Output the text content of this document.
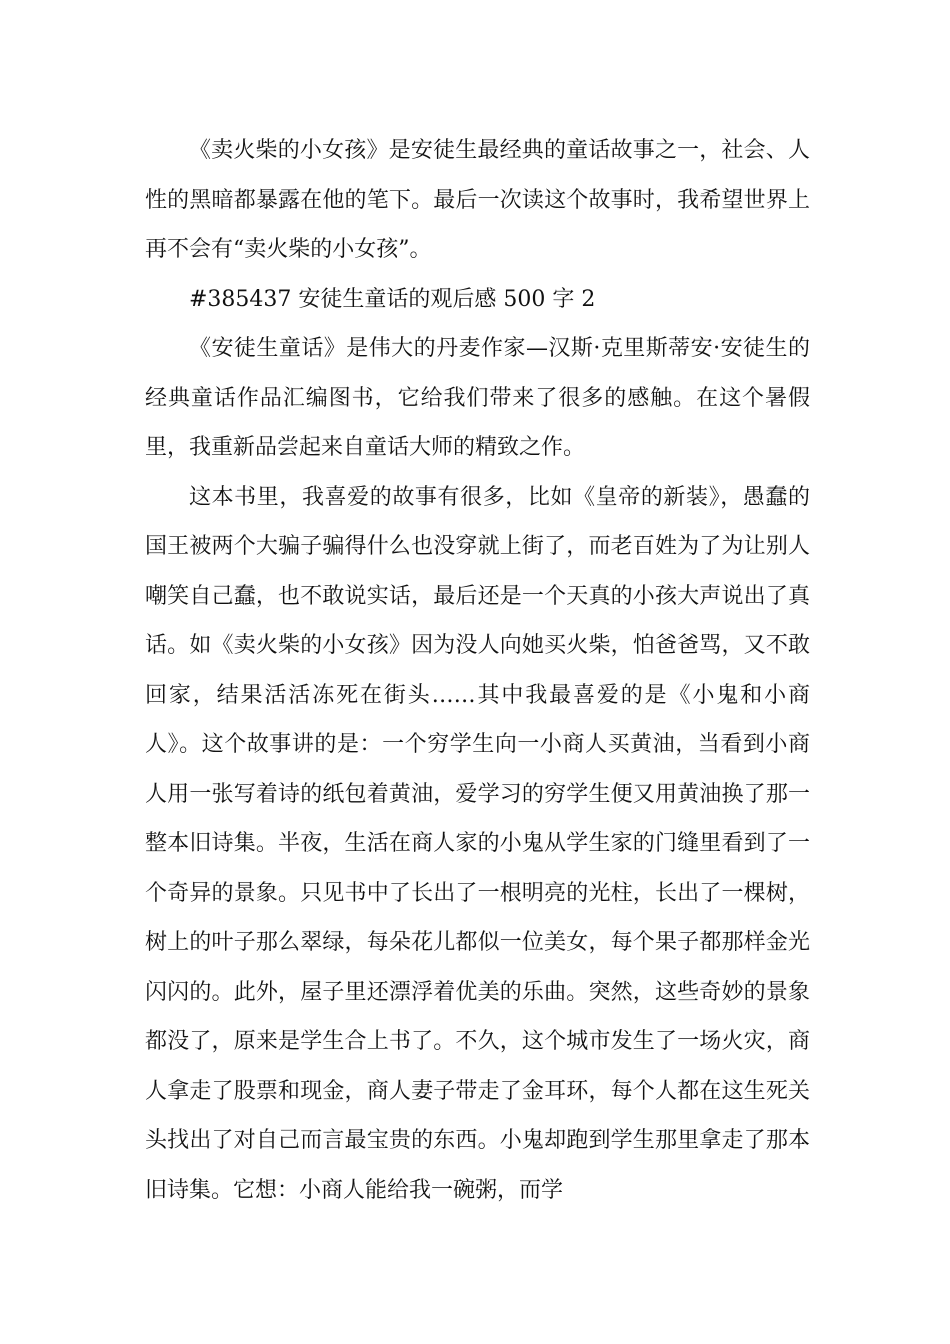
《卖火柴的小女孩》是安徒生最经典的童话故事之一，社会、人性的黑暗都暴露在他的笔下。最后一次读这个故事时，我希望世界上再不会有“卖火柴的小女孩”。

#385437 安徒生童话的观后感 500 字 2

《安徒生童话》是伟大的丹麦作家—汉斯·克里斯蒂安·安徒生的经典童话作品汇编图书，它给我们带来了很多的感触。在这个暑假里，我重新品尝起来自童话大师的精致之作。

这本书里，我喜爱的故事有很多，比如《皇帝的新装》，愚蠢的国王被两个大骗子骗得什么也没穿就上街了，而老百姓为了为让别人嘲笑自己蠢，也不敢说实话，最后还是一个天真的小孩大声说出了真话。如《卖火柴的小女孩》因为没人向她买火柴，怕爸爸骂，又不敢回家，结果活活冻死在街头……其中我最喜爱的是《小鬼和小商人》。这个故事讲的是：一个穷学生向一小商人买黄油，当看到小商人用一张写着诗的纸包着黄油，爱学习的穷学生便又用黄油换了那一整本旧诗集。半夜，生活在商人家的小鬼从学生家的门缝里看到了一个奇异的景象。只见书中了长出了一根明亮的光柱，长出了一棵树，树上的叶子那么翠绿，每朵花儿都似一位美女，每个果子都那样金光闪闪的。此外，屋子里还漂浮着优美的乐曲。突然，这些奇妙的景象都没了，原来是学生合上书了。不久，这个城市发生了一场火灾，商人拿走了股票和现金，商人妻子带走了金耳环，每个人都在这生死关头找出了对自己而言最宝贵的东西。小鬼却跑到学生那里拿走了那本旧诗集。它想：小商人能给我一碗粥，而学
